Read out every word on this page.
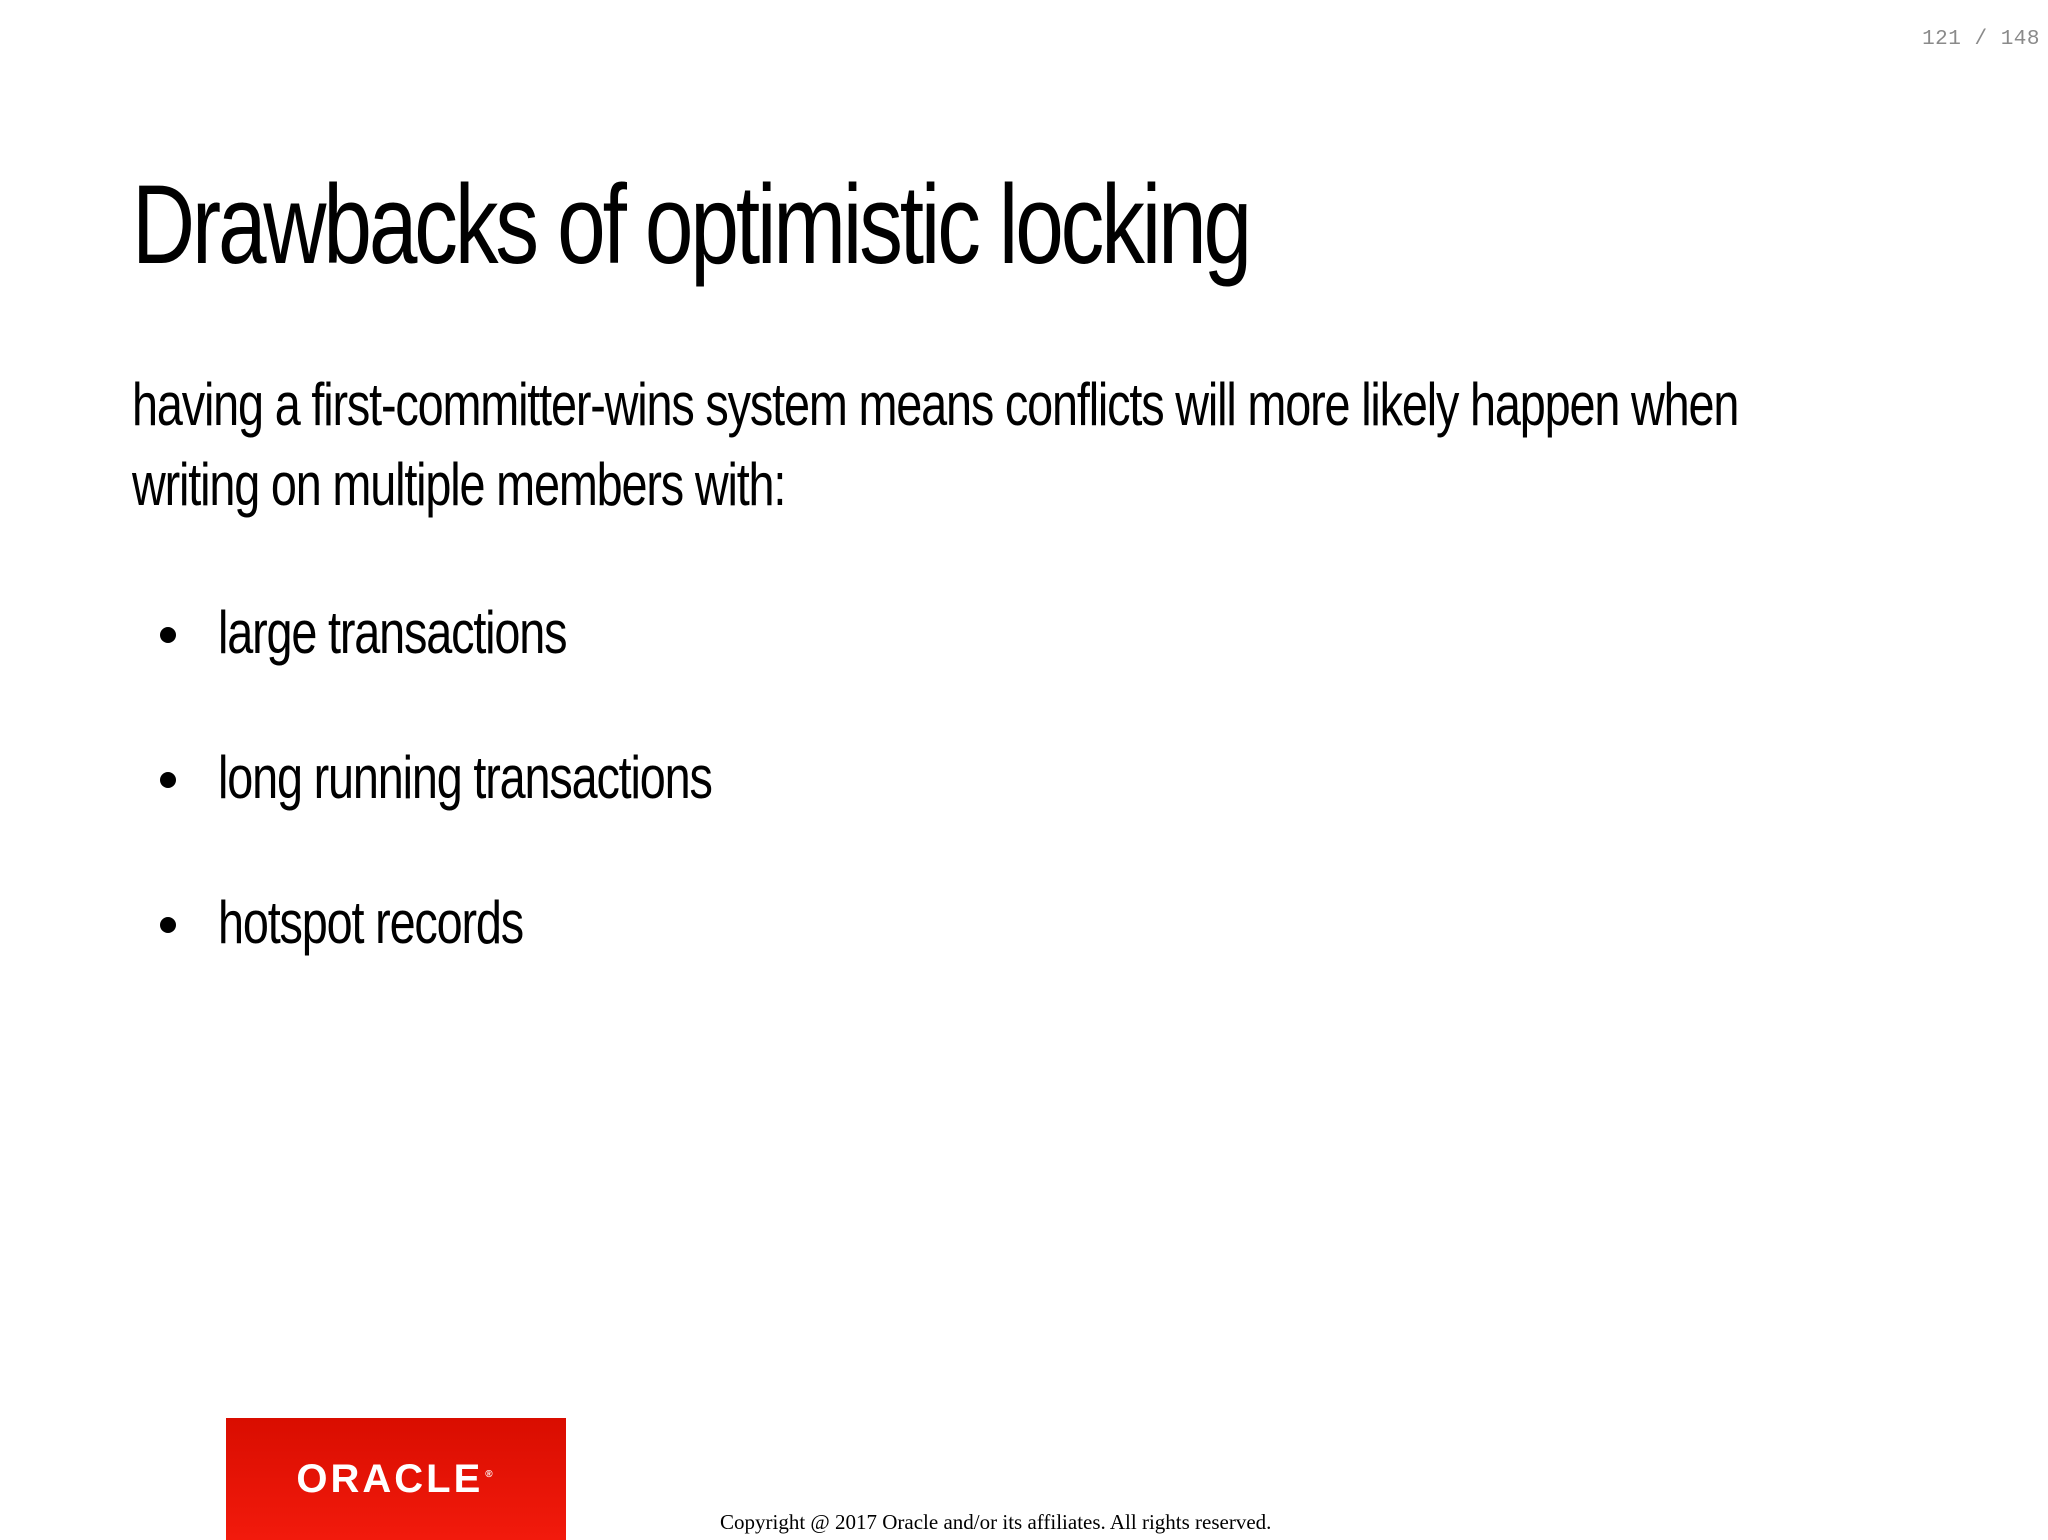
121 / 148
Drawbacks of optimistic locking

having a first-committer-wins system means conflicts will more likely happen when writing on multiple members with:

large transactions
long running transactions
hotspot records
ORACLE ®
Copyright @ 2017 Oracle and/or its affiliates. All rights reserved.
